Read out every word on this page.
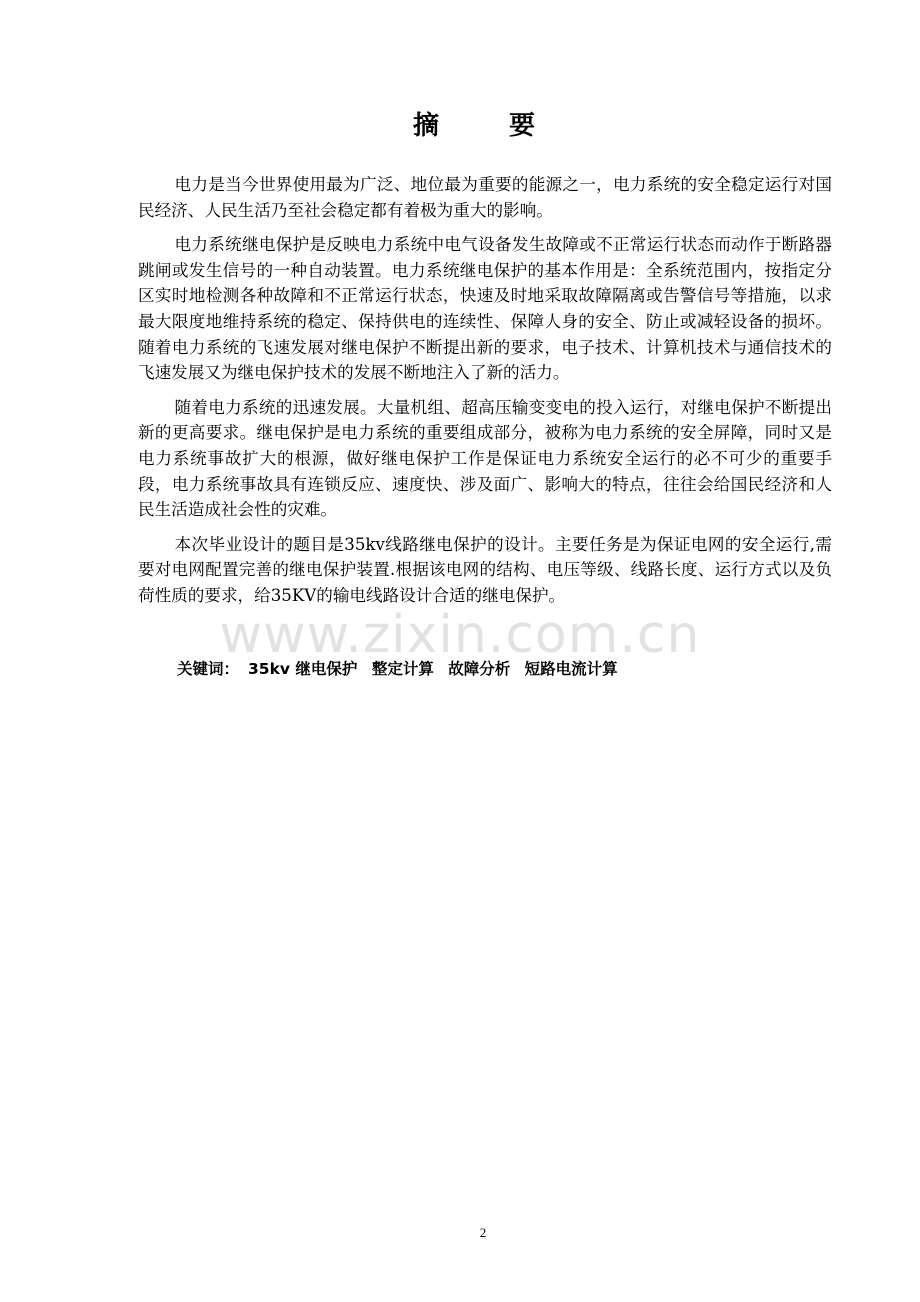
摘　要

电力是当今世界使用最为广泛、地位最为重要的能源之一，电力系统的安全稳定运行对国民经济、人民生活乃至社会稳定都有着极为重大的影响。

电力系统继电保护是反映电力系统中电气设备发生故障或不正常运行状态而动作于断路器跳闸或发生信号的一种自动装置。电力系统继电保护的基本作用是：全系统范围内，按指定分区实时地检测各种故障和不正常运行状态，快速及时地采取故障隔离或告警信号等措施，以求最大限度地维持系统的稳定、保持供电的连续性、保障人身的安全、防止或减轻设备的损坏。随着电力系统的飞速发展对继电保护不断提出新的要求，电子技术、计算机技术与通信技术的飞速发展又为继电保护技术的发展不断地注入了新的活力。

随着电力系统的迅速发展。大量机组、超高压输变变电的投入运行，对继电保护不断提出新的更高要求。继电保护是电力系统的重要组成部分，被称为电力系统的安全屏障，同时又是电力系统事故扩大的根源，做好继电保护工作是保证电力系统安全运行的必不可少的重要手段，电力系统事故具有连锁反应、速度快、涉及面广、影响大的特点，往往会给国民经济和人民生活造成社会性的灾难。

本次毕业设计的题目是35kv线路继电保护的设计。主要任务是为保证电网的安全运行,需要对电网配置完善的继电保护装置.根据该电网的结构、电压等级、线路长度、运行方式以及负荷性质的要求，给35KV的输电线路设计合适的继电保护。

www.zixin.com.cn
关键词： 35kv 继电保护 整定计算 故障分析 短路电流计算
2
